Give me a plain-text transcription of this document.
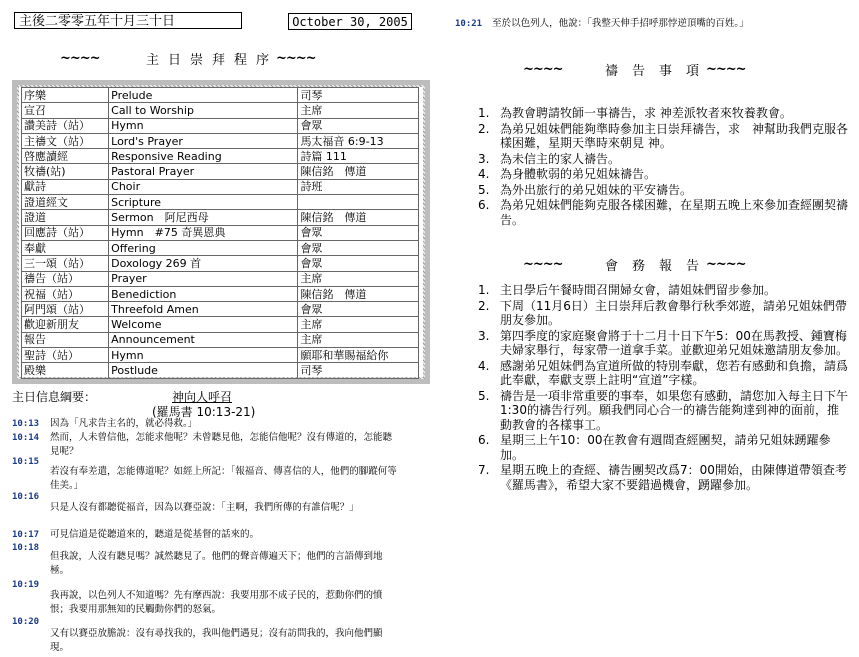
主後二零零五年十月三十日	October 30, 2005
~~~~	主日崇拜程序
~~~~
序樂	Prelude	司琴
宣召	Call to Worship	主席
讚美詩（站）	Hymn	會眾
主禱文（站）	Lord's Prayer	馬太福音 6:9-13
啓應讀經	Responsive Reading	詩篇 111
牧禱(站)	Pastoral Prayer	陳信銘　傳道
獻詩	Choir	詩班
證道經文	Scripture	
證道	Sermon　阿尼西母	陳信銘　傳道
回應詩（站）	Hymn　#75 奇異恩典	會眾
奉獻	Offering	會眾
三一頌（站）	Doxology 269 首	會眾
禱告（站）	Prayer	主席
祝福（站）	Benediction	陳信銘　傳道
阿門頌（站）	Threefold Amen	會眾
歡迎新朋友	Welcome	主席
報告	Announcement	主席
聖詩（站）	Hymn	願耶和華賜福給你
殿樂	Postlude	司琴
主日信息綱要：	神向人呼召
(羅馬書 10:13-21)
10:13 因為「凡求告主名的，就必得救。」
10:14 然而，人未曾信他，怎能求他呢？未曾聽見他，怎能信他呢？沒有傳道的，怎能聽見呢？
10:15
若沒有奉差遣，怎能傳道呢？如經上所記：「報福音、傳喜信的人，他們的腳蹤何等佳美。」
10:16
只是人沒有都聽從福音，因為以賽亞說：「主啊，我們所傳的有誰信呢？」
10:17 可見信道是從聽道來的，聽道是從基督的話來的。
10:18
但我說，人沒有聽見嗎？誠然聽見了。他們的聲音傳遍天下；他們的言語傳到地極。
10:19
我再說，以色列人不知道嗎？先有摩西說：我要用那不成子民的，惹動你們的憤恨；我要用那無知的民觸動你們的怒氣。
10:20
又有以賽亞放膽說：沒有尋找我的，我叫他們遇見；沒有訪問我的，我向他們顯現。
10:21 至於以色列人，他說：「我整天伸手招呼那悖逆頂嘴的百姓。」
~~~~	禱告事項
~~~~
1. 為教會聘請牧師一事禱告，求 神差派牧者來牧養教會。
2. 為弟兄姐妹們能夠準時參加主日崇拜禱告，求　神幫助我們克服各樣困難，星期天準時來朝見 神。
3. 為未信主的家人禱告。
4. 為身體軟弱的弟兄姐妹禱告。
5. 為外出旅行的弟兄姐妹的平安禱告。
6. 為弟兄姐妹們能夠克服各樣困難，在星期五晚上來參加查經團契禱告。
~~~~	會務報告
~~~~
1. 主日學后午餐時間召開婦女會，請姐妹們留步參加。
2. 下周（11月6日）主日崇拜后教會舉行秋季郊遊，請弟兄姐妹們帶朋友參加。
3. 第四季度的家庭聚會將于十二月十日下午5：00在馬教授、鍾寶梅夫婦家舉行，每家帶一道拿手菜。並歡迎弟兄姐妹邀請朋友參加。
4. 感謝弟兄姐妹們為宣道所做的特別奉獻，您若有感動和負擔，請爲此奉獻，奉獻支票上註明“宣道”字樣。
5. 禱告是一項非常重要的事奉，如果您有感動，請您加入每主日下午1:30的禱告行列。願我們同心合一的禱告能夠達到神的面前，推動教會的各樣事工。
6. 星期三上午10：00在教會有週間查經團契，請弟兄姐妹踴躍參加。
7. 星期五晚上的查經、禱告團契改爲7：00開始，由陳傳道帶領查考《羅馬書》，希望大家不要錯過機會，踴躍參加。
